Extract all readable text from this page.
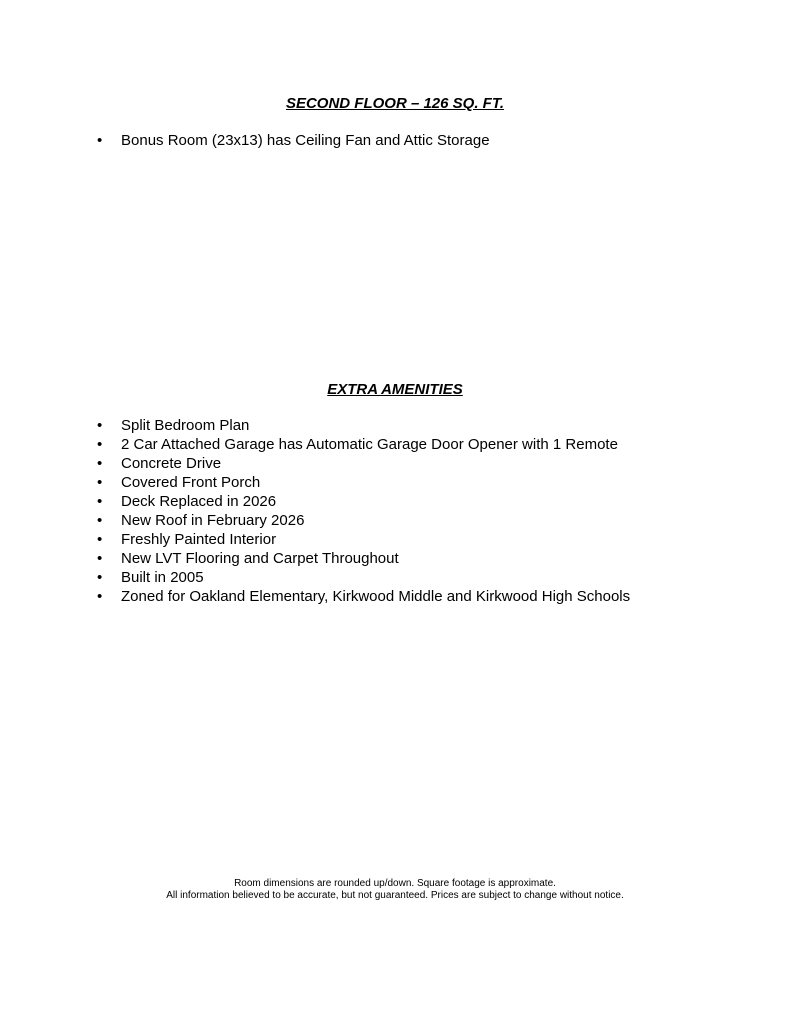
SECOND FLOOR – 126 SQ. FT.
• Bonus Room (23x13) has Ceiling Fan and Attic Storage
EXTRA AMENITIES
• Split Bedroom Plan
• 2 Car Attached Garage has Automatic Garage Door Opener with 1 Remote
• Concrete Drive
• Covered Front Porch
• Deck Replaced in 2026
• New Roof in February 2026
• Freshly Painted Interior
• New LVT Flooring and Carpet Throughout
• Built in 2005
• Zoned for Oakland Elementary, Kirkwood Middle and Kirkwood High Schools
Room dimensions are rounded up/down. Square footage is approximate.
All information believed to be accurate, but not guaranteed. Prices are subject to change without notice.
